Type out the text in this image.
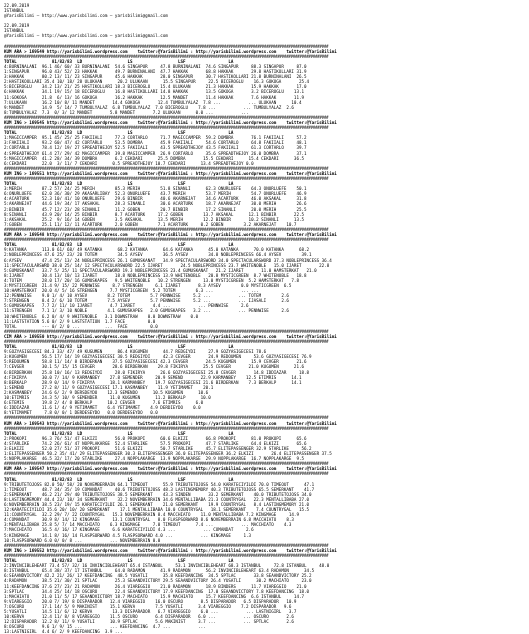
22.09.2019
ISTANBUL
@YarisBilimi — http://www.yarisbilimi.com — yarisbilimi@gmail.com
22.09.2019
ISTANBUL
@YarisBilimi — http://www.yarisbilimi.com — yarisbilimi@gmail.com
##################################################################################################################################################
KUM ARA > 169549 http://yarisbilimi.wordpress.com    twitter:@YarisBilimi : http://yarisbilimi.wordpress.com    twitter:@YarisBilimi
##################################################################################################################################################
TOTAL              81/82/83  LD                  LS                  LSF                 LA
4:BURNINALANI  96.1 46/ 60/ 33 BURNINALANI  54.6 SINGAPUR     47.8 BURNINALANI  74.6 SINGAPUR     88.3 SINGAPUR     87.0
1:SINGAPUR     96.0 43/ 52/ 23 HAKKAK       49.7 BURNINALANI  47.7 HAKKAK       68.8 HAKKAK       29.8 HASTIKOLLARI 31.9
3:HAKKAK       80.2 13/ 11/ 23 SINGAPUR     45.6 HAKKAK       28.0 SINGAPUR     30.7 HASTIKOLLARI 21.8 BURNINALANI  26.5
2:HASTIKOOLLARI 35.4 10/ 18/ 28 ULUKAAN      20.2 ULUKAAN      15.5 SINGAPUR     22.5 BICEROGLU    16.3 GOKOGA       25.4
5:BICEROGLU    34.2 13/ 21/ 25 HASTIKOLLARI 18.3 BICEROGLU    15.4 ULUKAAN      21.3 HAKKAK       15.9 HAKKAK       17.0
6:HAKKAK       34.1 19/ 15/ 18 BICEROGLU    16.8 HASTIKOLLARI 14.8 HAKKAK       13.5 GOKOGA       3.2 BICEROGLU    13.1
11:GOKOGA      21.8  6/ 13/ 16 GOKOGA       16.2 HAKKAK       12.5 MANDET       11.4 HAKKAK       7.6 HAKKAK       11.9
7:ULUKAAN      16.2 10/ 8/ 11 MANDET       14.4 GOKOGA       12.4 TUMBULYALAZ  7.8 ...           ... ULUKAAN      10.4
9:MANDET       14.9  5/ 14/ 7 TUMBULYALAZ  6.8 TUMBULYALAZ  7.0 BICEROGLU    7.8 ...           ... TUMBULYALAZ  2.6
8:TUMBULYALAZ  7.3  0/ 3/ 12 MANDET       5.8 MANDET       7.2 ULUKAAN      0.0 ...           ...
##################################################################################################################################################
KUM ING > 169545 http://yarisbilimi.wordpress.com    twitter:@YarisBilimi : http://yarisbilimi.wordpress.com    twitter:@YarisBilimi
##################################################################################################################################################
TOTAL              81/82/83  LD                  LS                  LSF                 LA
1:MAGICCAMPER  95.1 45/ 25/ 25 FAKIIALI     77.3 CORTARLO     71.7 MAGICCAMPER  59.2 DOMBRA       76.1 FAKIIALI     57.2
3:FAKIIALI     93.2 60/ 47/ 42 CORTARLO     53.5 DOMBRA       45.9 FAKIIALI     54.6 CORTARLO     64.8 FAKIIALI     48.1
2:CORTARLO     78.4 12/ 19/ 27 SPREADTHEJOY 52.5 FAKIIALI     43.5 SPREADTHEJOY 43.5 FAKIIALI     61.3 CORTARLO     39.7
4:SPREADTHEJOY 61.4 27/ 29/ 42 MAGICCAMPER  39.8 MAGICCAMPER  26.9 CORTARLO     35.6 SPREADTHEJOY 26.0 DOMBRA       37.1
5:MAGICCAMPER  41.2 28/ 34/ 39 DOMBRA       6.2 CEKDARI      25.5 DOMBRA       15.5 CEKDARI      15.4 CEKDARI      36.5
6:CEKDARI      22.0  3/ 11/ 7 CEKDARI      0.5 SPREADTHEJOY 10.7 CEKDARI      13.4 SPREADTHEJOY 0.0
##################################################################################################################################################
KUM ING > 169551 http://yarisbilimi.wordpress.com    twitter:@YarisBilimi : http://yarisbilimi.wordpress.com    twitter:@YarisBilimi
##################################################################################################################################################
TOTAL              81/82/83  LD                  LS                  LSF                 LA
3:MERIH        87.2 57/ 24/ 25 MERIH        85.3 MERIH        51.8 SINANLI      62.3 ONURLUEFE    64.3 ONURLUEFE    50.1
6:ONURLUEFE    62.0 36/ 30/ 29 AKASARLIBAY  52.3 ONURLUEFE    43.7 MERIH        53.7 MERIH        54.7 ONURLUEFE    46.9
4:ACARTURK     52.3 10/ 41/ 10 ONURLUEFE    29.6 BINBIR       40.6 AKARNEJAT    34.6 ACARTURK     46.0 AKSAKAL      31.8
5:AKARNEJAT    44.6 19/ 34/ 17 AKSAKAL      28.3 SINANLI      30.6 ACARTURK     18.7 AKARNEJAT    30.0 MERIH        26.6
2:BINBIR       45.7 12/ 23/ 28 SINANLI      11.2 GOBEN        20.7 BINBIR       17.2 SINANLI      20.0 MERIH        25.5
8:SINANLI      43.9 20/ 14/ 25 BINBIR       8.7 ACARTURK     17.2 GOBEN        13.7 AKSAKAL      12.1 BINBIR       22.5
1:AKSAKAL      25.2  9/ 16/ 14 GOBEN        3.5 AKSAKAL      13.5 MERIH        12.2 BINBIR       10.2 SINANLI      13.5
7:GOBEN        25.1 11/ 12/ 11 ACARTURK     2.0 GOBEN        7.1 ACARTURK     0.2 GOBEN        3.2 AKARNEJAT    10.7
##################################################################################################################################################
KUM ARA > 169548 http://yarisbilimi.wordpress.com    twitter:@YarisBilimi : http://yarisbilimi.wordpress.com    twitter:@YarisBilimi
##################################################################################################################################################
TOTAL              81/82/83  LD                  LS                  LSF                 LA
9:KATANKA      113.0 61/ 68/ 49 KATANKA      68.2 KATANKA      64.6 KATANKA      45.0 KATANKA      70.0 KATANKA      68.2
2:NOBLEPRINCESS 47.6 25/ 23/ 20 TOTEM        34.5 AYSEV        36.5 AYSEV        34.8 NOBLEPRINCESS 66.4 AYSEV        39.1
6:AYSEV        47.4 25/ 13/ 24 NOBLEPRINCESS 26.1 GUMUSKANAT   34.9 SPECTACULARSWORD 34.0 SPECTACULARSWORD 37.3 NOBLEPRINCESS 36.4
11:SPECTACULARSWRD 38.0 25/ 14/ 12 SPECTACULARSWORD 22.5 IJARET       24.5 NOBLEPRINCESS 23.7 WHITENOBLE   15.0 IJARET       22.8
5:GUMUSKANAT   33.7 5/ 25/ 11 SPECTACULARSWORD 19.3 NOBLEPRINCESS 23.4 GUMUSKANAT   21.2 IJARET       11.0 HAMSTERKAT   21.0
8:IJARET       30.4 13/ 10/ 13 IJARET       18.8 NOBLEPRINCESS 13.9 WHITENOBLE   20.8 MYSTICGREEN  8.7 WHITENOBLE   18.8
4:TOTEM        28.0 17/ 20/ 16 GUMUSKAPES   9.5 WHITENOBLE   10.2 STRENGEN     13.0 MYSTICGREEN  5.2 HAMSTERKAT   7.8
3:MYSTICGREEN  21.4 9/ 15/ 22 PENNWISE     8.7 STRENGEN     6.1 IJARET       8.3 AYSEV        0.0 MYSTICGREEN  6.5
10:HAMSTERKAT  20.0 4/ 5/ 16 STRENGEN     7.7 MYSTICGREEN  5.2 TOTEM        6.3 ...           ... ...
12:PENNWISE    9.0 1/ 4/ 10 AYSEV        8.2 TOTEM        5.7 PENNWISE     5.2 ...           ... TOTEM        2.6
7:STRENGEN     8.4 2/ 6/ 10 TOTEM        7.5 AYSEV        5.7 PENNWISE     5.2 ...           ... IJASALI      2.6
5:GUMUSKAPES   7.7 2/ 11/ 10 IJARET       4.7 IJARET       4.4 ...           ... PENNWISE     2.6
11:STRENGEN    7.1 1/ 3/ 10 NOBLE        4.1 GUMUSKAPES   2.0 GUMUSKAPES   3.2 ...           ... PENNWISE     2.6
10:WHITENOBLE  6.2 0/ 4/ 9 WHITENOBLE   3.1 DOWNSTRAW    0.0 DOWNSTRAW    0.0
11:LASTSTATION 5.6 0/ 2/ 9 LASTSTATION  1.7 FACE         0.0
TOTAL          --- 0/ 2/ 0 ...          ...  FACE         0.0
##################################################################################################################################################
CIM ARA > 169550 http://yarisbilimi.wordpress.com    twitter:@YarisBilimi : http://yarisbilimi.wordpress.com    twitter:@YarisBilimi
##################################################################################################################################################
TOTAL              81/82/83  LD                  LS                  LSF                 LA
9:GOZYASIGECESI 84.3 33/ 47/ 49 KUGUMEN      86.4 KUGUMEN      44.7 REDGIYDI     27.9 GOZYASIGECESI 78.6
3:KUGUMEN      56.5 17/ 14/ 19 GOZYASIGECESI 30.5 REDGIYDI     42.3 CEVGER       24.9 REDOUMEN     53.6 GOZYASIGECESI 76.9
5:REDOUMEN     58.8 11/ 14/ 8 BIRDERKAN    37.5 GOZYASIGECESI 42.3 CEVGER       24.5 KUGUMEN      15.9 CEVGER       21.6
7:CEVGER       30.1 5/ 15/ 15 CEVGER       28.6 BIRDERKAN    29.8 FIKIRYA      25.5 CEVGER       21.0 KUGUMEN      21.6
6:BIRDERKAN    25.8 10/ 16/ 13 REDGIYDI     28.0 FIKIRYA      26.6 GOZYASIGECESI 25.8 CEVGER       14.8 IDDIAZAR     18.8
4:FIKIRYA      30.0 7/ 14/ 9 KARMANBEY    27.8 SEMENDER     20.9 SEMEND       22.9 KARMANBEY    12.5 ETIMRIS      14.1
8:BERKALP      28.9 0/ 14/ 9 FIKIRYA      18.1 KARMANBEY    19.7 GOZYASIGECESI 21.6 BIRDERKAN    7.3 BERKALP      14.1
1:SEMEND       27.2 8/ 11/ 9 GOZYASIGECESI 17.1 KASMANBEY    11.9 YETIMAMET    20.1
2:KASMANBEY    24.6 6/ 2/ 9 DERSDEYDO    12.3 SEMENDO      10.5 KUGUMEN      10.6
10:ETIMRIS     24.3 5/ 10/ 9 SEMENDER     11.0 KUGUMEN      11.2 BERKALP      10.0
6:ETEMIS       19.8 2/ 4/ 8 BERKALP      10.2 CEVGER       7.6 ETIMRIS      6.0
6:IDDIAZAR     11.6 1/ 4/ 9 YETIMAMET    6.4 YETIMAMET    4.9 DERDIEYDO    0.0
8:YETIMAMET     7.8 0/ 0/ 1 DERDESEYDO   0.0 DERDESEYDO   0.0
##################################################################################################################################################
KUM ARA > 169543 http://yarisbilimi.wordpress.com    twitter:@YarisBilimi : http://yarisbilimi.wordpress.com    twitter:@YarisBilimi
##################################################################################################################################################
TOTAL              81/82/83  LD                  LS                  LSF                 LA
2:PROKOPI      96.3 76/ 51/ 47 ELKIZI       56.0 PROKOPI      60.6 ELKIZI       66.8 PROKOPI      81.0 PROKOPI      65.6
4:STARLIKE     74.2 26/ 61/ 47 NOPPLAKARGE  52.4 STARLIKE     57.5 PROKOPI      47.7 STARLIKE     64.4 ELKIZI       65.6
3:ELKIZI       52.0 27/ 51/ 37 PROKOPI      51.6 ELKIZI       50.7 STARLIKE     45.7 ELITEPASSENGER 32.9 STARLIKE     56.2
1:ELITEPASSENGER 50.2 35/ 41/ 29 ELITEPASSENGER 30.3 ELITEPASSENGER 36.0 ELITEPASSENGER 36.2 ELKIZI       26.4 ELITEPASSENGER 37.5
5:NOPPLAKARGE  46.5 32/ 17/ 20 STARLIKE     27.4 NOPPLAKARGE  13.9 NOPPLAKARGE  29.9 NOPPLAKARGE  16.7 NOPPLAKARGE  9.5
##################################################################################################################################################
KUM ARA > 169547 http://yarisbilimi.wordpress.com    twitter:@YarisBilimi : http://yarisbilimi.wordpress.com    twitter:@YarisBilimi
##################################################################################################################################################
TOTAL              81/82/83  LD                  LS                  LSF                 LA
9:TRIBUTETOJOSS 82.0 50/ 58/ 20 NOVEMBERRAIN 64.1 TIMEOUT      55.9 TRIBUTETOJOSS 54.0 KARATECIYILDI 70.0 TIMEOUT      47.1
1:TIMEOUT      48.7 34/ 35/ 19 COMANDAT     40.6 TRIBUTETOJOSS 48.3 LASTINGMEMORY 40.3 TRIBUTETOJOSS 65.5 SEMERKANT    41.7
2:SEMERKANT    46.2 21/ 29/ 40 TRIBUTETOJOSS 38.5 SEMERKANT    43.3 SINDEN       33.2 SEMERKANT    40.0 TRIBUTETOJOSS 34.0
8:LASTINGMEMORY 44.4 23/ 18/ 34 SEMERKANT    32.2 NOVEMBERRAIN 34.6 MENTALLIBABA 21.3 COUNTRYGAL   22.3 MENTALLIBABA 27.0
6:NOVEMBERRAIN 38.5 23/ 19/ 15 KARATECIYILDI 26.1 SEMERKANT    21.0 SEMERKANT    19.9 COUNTRYGAL   8.4 LASTINGMEMORY 21.0
12:KARATECIYILDI 35.6 20/ 10/ 20 SEMERKANT    17.1 MENTALLIBABA 10.0 COUNTRYGAL   18.1 SEMERKANT    7.4 COUNTRYGAL   15.5
11:COUNTRYGAL  32.2 29/ 7/ 22 COUNTRYGAL   15.3 NOVEMBERRAIN 8.4 MACCHIATO    11.0 MENTALLIBABA 7.2 KINGMAGE     14.9
4:COMANDAT     30.9 8/ 14/ 12 KINGMAGE     13.1 COUNTRYGAL   8.0 FLASPSORWARD 8.6 NOVEMBERRAIN 6.8 MACCHIATO    8.3
3:MENTALLIBABA 25.8 5/ 7/ 14 MACCHIATO    6.3 KINGMAGE     7.0 TIMEOUT      7.4 ...           ... MACCHIATO    4.3
7:MACCHIATO    16.5 4/ 16/ 17 KINGMAGE     6.6 KARATECIYILDI 4.3 ...           ... COMANDAT     2.6
5:KINGMAGE     14.1 8/ 16/ 14 FLASPSORWARD 4.5 FLASPSORWARD 4.0 ...           ... KINGMAGE     1.3
10:FLASPSORWARD 6.0 0/ 0/ 8 ...           ... NOVEMBERRAIN 0.0
##################################################################################################################################################
KUM ING > 169552 http://yarisbilimi.wordpress.com    twitter:@YarisBilimi : http://yarisbilimi.wordpress.com    twitter:@YarisBilimi
##################################################################################################################################################
TOTAL              81/82/83  LD                  LS                  LSF                 LA
2:INVINCIBLEHEART 73.4 57/ 32/ 16 INVINCIBLEHEART 65.4 ISTANBUL     53.1 INVINCIBLEHEART 68.3 ISTANBUL     72.8 ISTANBUL     48.0
8:ISTANBUL     65.4 38/ 37/ 17 ISTANBUL     64.0 RADAMON      41.9 RADAMON      56.2 INVINCIBLEHEART 63.4 RADAMON      34.5
6:SEAANDVICTORY 42.2 21/ 26/ 17 KEEFDANCING  48.5 YUSATLI      35.8 KEEFDANCING  34.5 SPTLAC       33.8 SEAANDVICTORY 25.2
4:RADAMON      38.5 21/ 30/ 21 SPTLAC       25.3 SEAANDVICTORY 29.5 SEAANDVICTORY 26.4 YUSATLI      30.2 MACHIATO     23.0
11:KEEFDANCING 37.6 27/ 23/ 21 RADAMON      26.4 VIAREGGIO    21.0 RADAMON      18.9 BINDERS      11.7 VIAREGGIO    21.0
3:SPTLAC       34.4 25/ 14/ 18 OSCURO       22.4 SEAANDVICTORY 17.9 KEEFDANCING  17.0 SEAANDVICTORY 7.8 KEEFDANCING  18.0
1:MACHIATO     21.0 11/ 5/ 17 SEAANDVICTORY 18.7 MACHIATO     15.9 MACHIATO     15.7 KEEFDANCING  6.6 ISTANBUL     14.7
9:VIAREGGIO    20.0 7/ 19/ 8 DISPARADOR   12.4 VIAREGGIO    16.0 OSCURO       8.5 DISPARADOR   6.5 DISPARADOR   10.9
7:OSCURO       17.1 14/ 5/ 9 MAKINIST     15.1 KERVA        7.5 YUSATLI      3.4 VIAREGGIO    7.2 DISPARADOR   9.6
5:YUSATLI      14.5 11/ 6/ 12 KERVA        13.3 DISPARADOR   6.7 VIAREGGIO    6.0 ...           ... LASTNIGIRL   3.7
10:KERVA       12.4 11/ 8/ 8 VIAREGGIO    11.5 OSCURO       6.4 DISPARADOR   6.0 ...           ... OSCURO       2.6
12:DISPARADOR  12.2 8/ 11/ 9 YUSATLI      10.9 SPTLAC       5.6 MAKINIST     3.7 ...           ... SPTLAC       2.6
8:OSCURO       9.6 1/ 9/ 15 ...           ... KEEFDANCING  4.7 ...           ...
13:LASTNIGIRL  4.4 6/ 2/ 9 KEEFDANCING  3.9 ...
